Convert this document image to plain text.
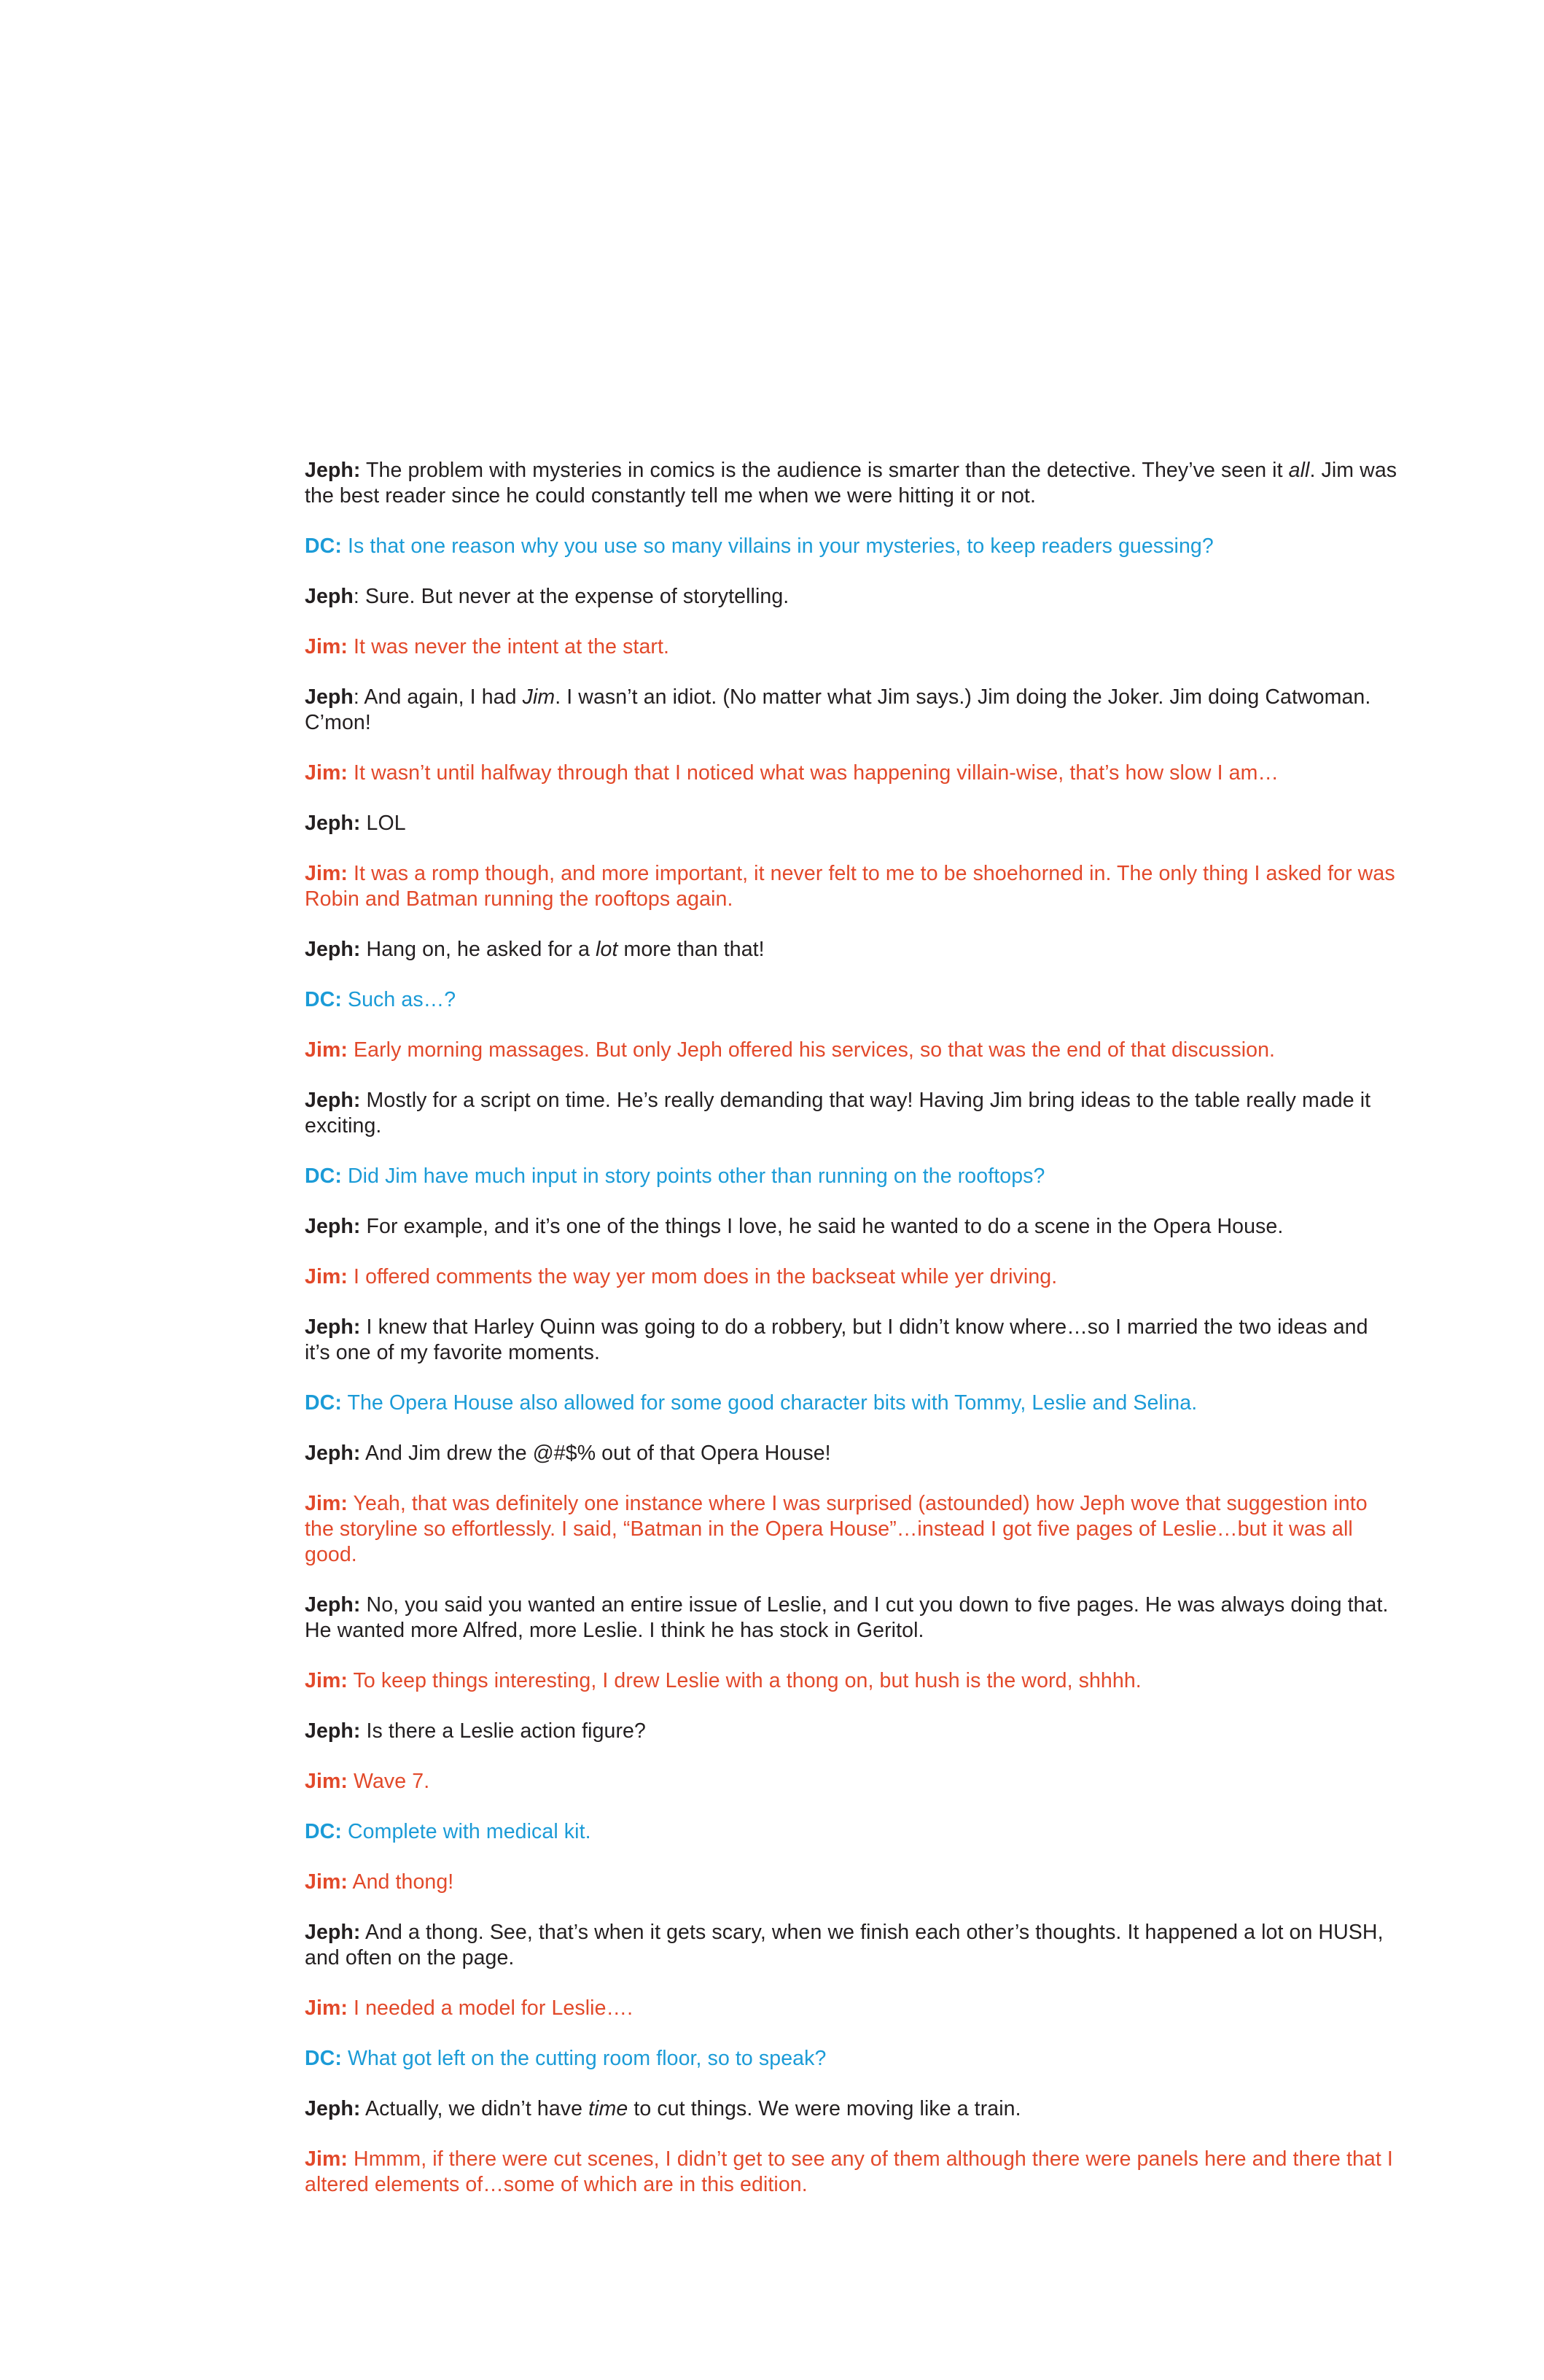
Jeph: The problem with mysteries in comics is the audience is smarter than the detective. They’ve seen it all. Jim was the best reader since he could constantly tell me when we were hitting it or not.

DC: Is that one reason why you use so many villains in your mysteries, to keep readers guessing?

Jeph: Sure. But never at the expense of storytelling.

Jim: It was never the intent at the start.

Jeph: And again, I had Jim. I wasn’t an idiot. (No matter what Jim says.) Jim doing the Joker. Jim doing Catwoman. C’mon!

Jim: It wasn’t until halfway through that I noticed what was happening villain-wise, that’s how slow I am…

Jeph: LOL

Jim: It was a romp though, and more important, it never felt to me to be shoehorned in. The only thing I asked for was Robin and Batman running the rooftops again.

Jeph: Hang on, he asked for a lot more than that!

DC: Such as…?

Jim: Early morning massages. But only Jeph offered his services, so that was the end of that discussion.

Jeph: Mostly for a script on time. He’s really demanding that way! Having Jim bring ideas to the table really made it exciting.

DC: Did Jim have much input in story points other than running on the rooftops?

Jeph: For example, and it’s one of the things I love, he said he wanted to do a scene in the Opera House.

Jim: I offered comments the way yer mom does in the backseat while yer driving.

Jeph: I knew that Harley Quinn was going to do a robbery, but I didn’t know where…so I married the two ideas and it’s one of my favorite moments.

DC: The Opera House also allowed for some good character bits with Tommy, Leslie and Selina.

Jeph: And Jim drew the @#$% out of that Opera House!

Jim: Yeah, that was definitely one instance where I was surprised (astounded) how Jeph wove that suggestion into the storyline so effortlessly. I said, “Batman in the Opera House”…instead I got five pages of Leslie…but it was all good.

Jeph: No, you said you wanted an entire issue of Leslie, and I cut you down to five pages. He was always doing that. He wanted more Alfred, more Leslie. I think he has stock in Geritol.

Jim: To keep things interesting, I drew Leslie with a thong on, but hush is the word, shhhh.

Jeph: Is there a Leslie action figure?

Jim: Wave 7.

DC: Complete with medical kit.

Jim: And thong!

Jeph: And a thong. See, that’s when it gets scary, when we finish each other’s thoughts. It happened a lot on HUSH, and often on the page.

Jim: I needed a model for Leslie….

DC: What got left on the cutting room floor, so to speak?

Jeph: Actually, we didn’t have time to cut things. We were moving like a train.

Jim: Hmmm, if there were cut scenes, I didn’t get to see any of them although there were panels here and there that I altered elements of…some of which are in this edition.
